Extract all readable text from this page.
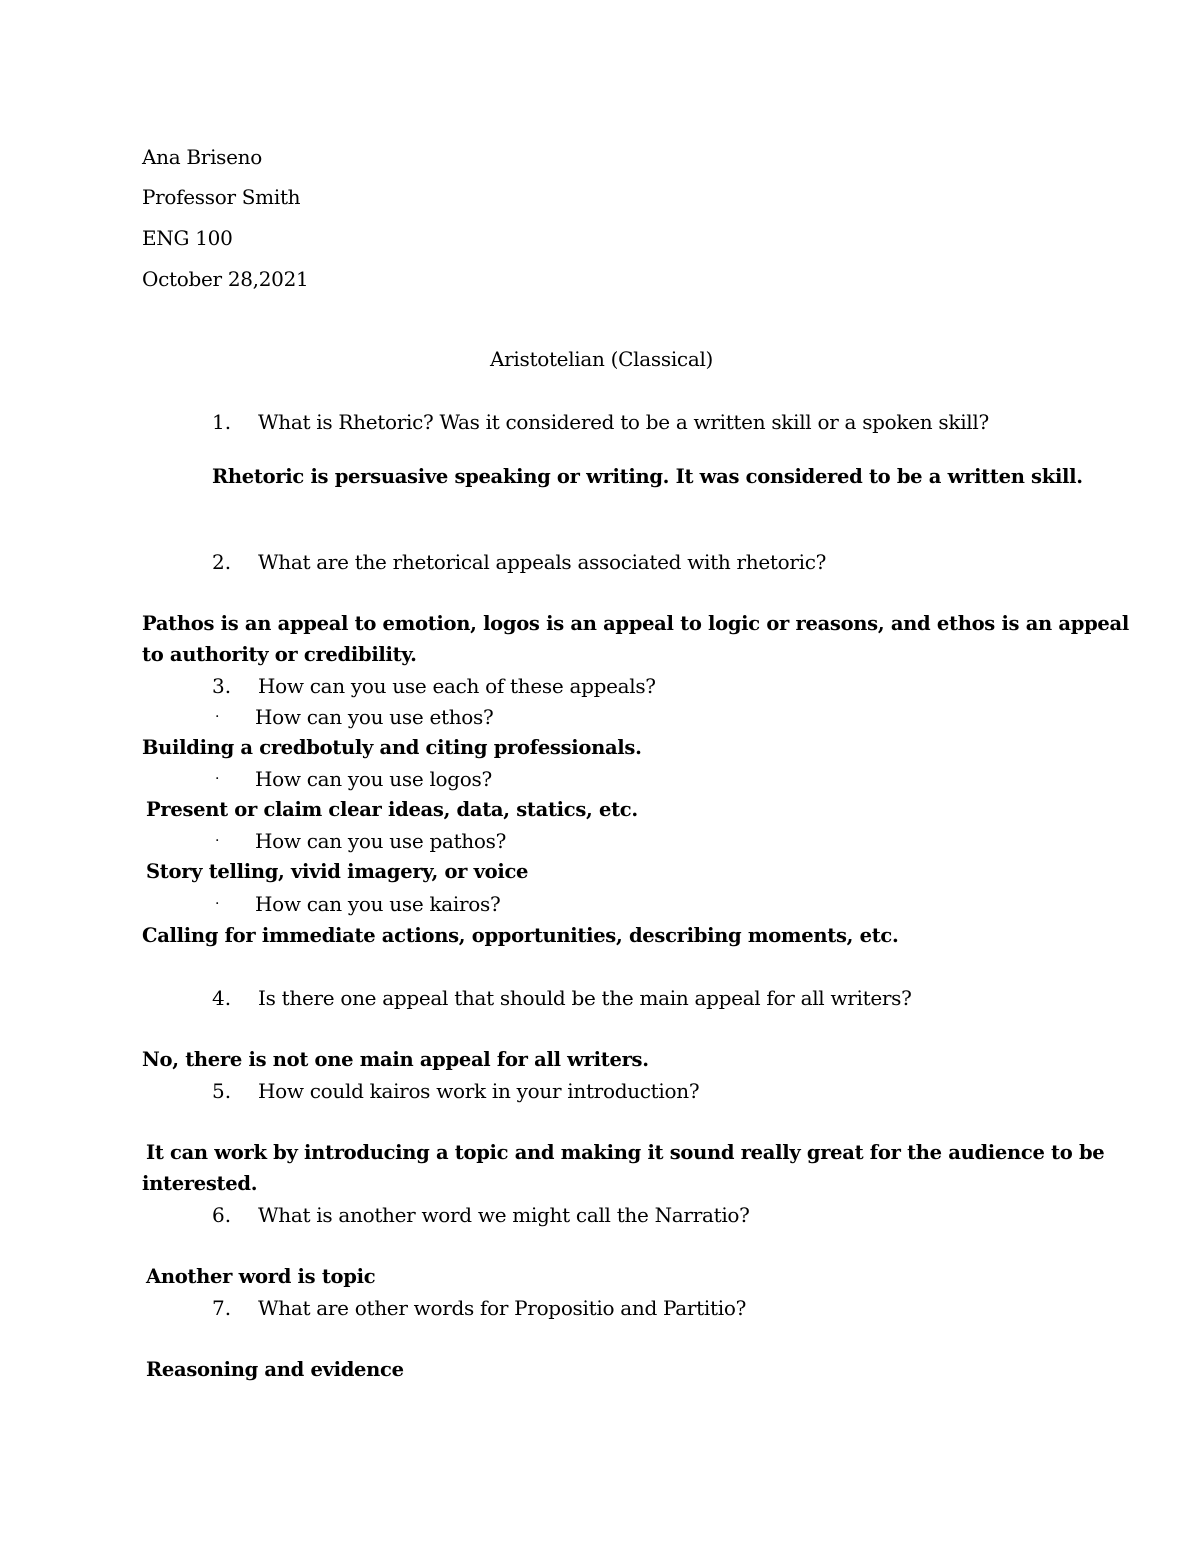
Ana Briseno
Professor Smith
ENG 100
October 28,2021
Aristotelian (Classical)
1. What is Rhetoric? Was it considered to be a written skill or a spoken skill?
Rhetoric is persuasive speaking or writing. It was considered to be a written skill.
2. What are the rhetorical appeals associated with rhetoric?
Pathos is an appeal to emotion, logos is an appeal to logic or reasons, and ethos is an appeal
to authority or credibility.
3. How can you use each of these appeals?
· How can you use ethos?
Building a credbotuly and citing professionals.
· How can you use logos?
Present or claim clear ideas, data, statics, etc.
· How can you use pathos?
Story telling, vivid imagery, or voice
· How can you use kairos?
Calling for immediate actions, opportunities, describing moments, etc.
4. Is there one appeal that should be the main appeal for all writers?
No, there is not one main appeal for all writers.
5. How could kairos work in your introduction?
It can work by introducing a topic and making it sound really great for the audience to be
interested.
6. What is another word we might call the Narratio?
Another word is topic
7. What are other words for Propositio and Partitio?
Reasoning and evidence
